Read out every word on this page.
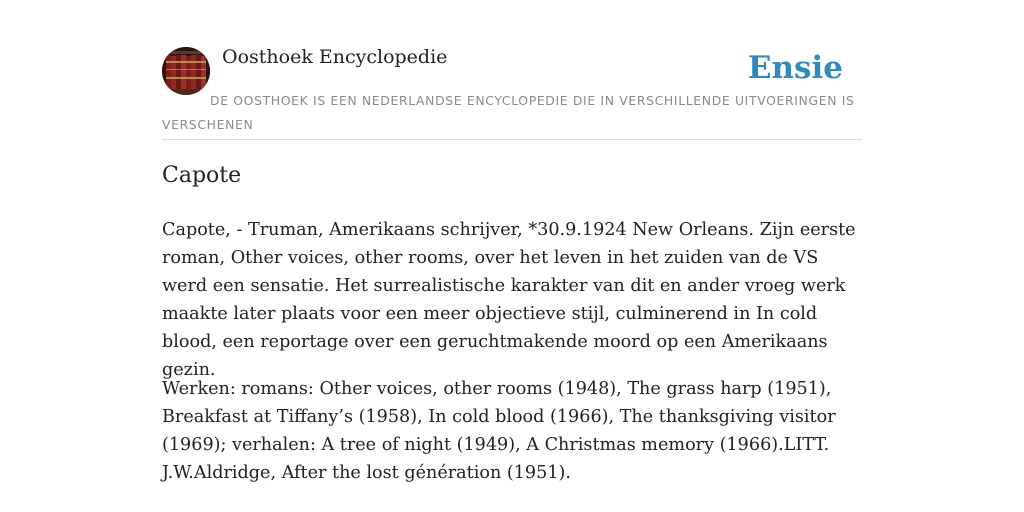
Oosthoek Encyclopedie	Ensie
DE OOSTHOEK IS EEN NEDERLANDSE ENCYCLOPEDIE DIE IN VERSCHILLENDE UITVOERINGEN IS VERSCHENEN
Capote

Capote, - Truman, Amerikaans schrijver, *30.9.1924 New Orleans. Zijn eerste roman, Other voices, other rooms, over het leven in het zuiden van de VS werd een sensatie. Het surrealistische karakter van dit en ander vroeg werk maakte later plaats voor een meer objectieve stijl, culminerend in In cold blood, een reportage over een geruchtmakende moord op een Amerikaans gezin.

Werken: romans: Other voices, other rooms (1948), The grass harp (1951), Breakfast at Tiffany’s (1958), In cold blood (1966), The thanksgiving visitor (1969); verhalen: A tree of night (1949), A Christmas memory (1966).LITT. J.W.Aldridge, After the lost génération (1951).
